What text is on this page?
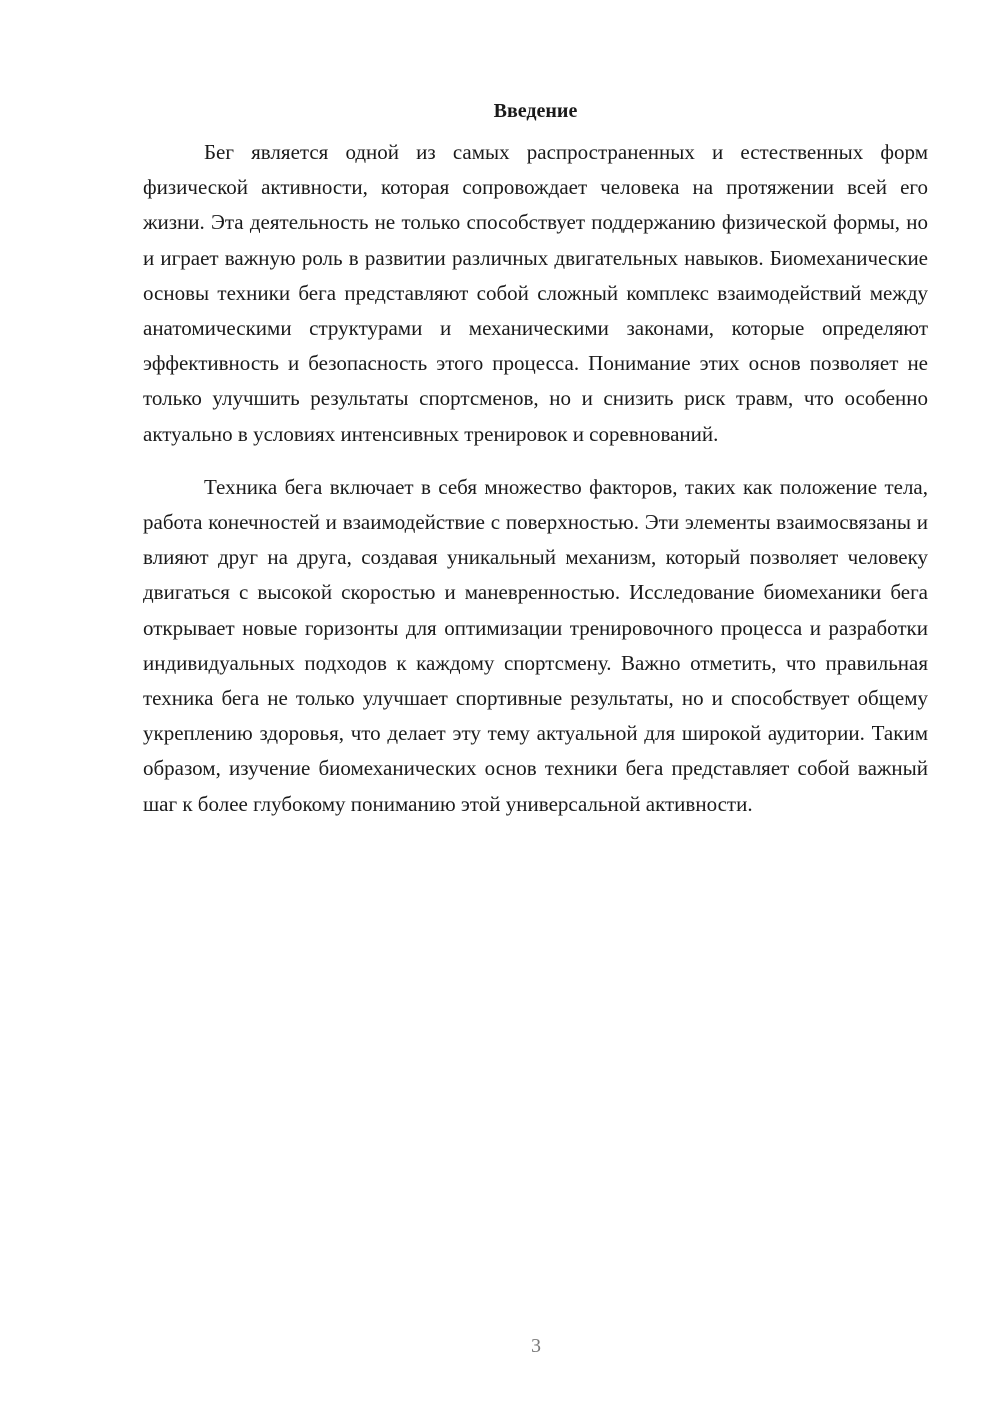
Введение

Бег является одной из самых распространенных и естественных форм физической активности, которая сопровождает человека на протяжении всей его жизни. Эта деятельность не только способствует поддержанию физической формы, но и играет важную роль в развитии различных двигательных навыков. Биомеханические основы техники бега представляют собой сложный комплекс взаимодействий между анатомическими структурами и механическими законами, которые определяют эффективность и безопасность этого процесса. Понимание этих основ позволяет не только улучшить результаты спортсменов, но и снизить риск травм, что особенно актуально в условиях интенсивных тренировок и соревнований.

Техника бега включает в себя множество факторов, таких как положение тела, работа конечностей и взаимодействие с поверхностью. Эти элементы взаимосвязаны и влияют друг на друга, создавая уникальный механизм, который позволяет человеку двигаться с высокой скоростью и маневренностью. Исследование биомеханики бега открывает новые горизонты для оптимизации тренировочного процесса и разработки индивидуальных подходов к каждому спортсмену. Важно отметить, что правильная техника бега не только улучшает спортивные результаты, но и способствует общему укреплению здоровья, что делает эту тему актуальной для широкой аудитории. Таким образом, изучение биомеханических основ техники бега представляет собой важный шаг к более глубокому пониманию этой универсальной активности.

3
